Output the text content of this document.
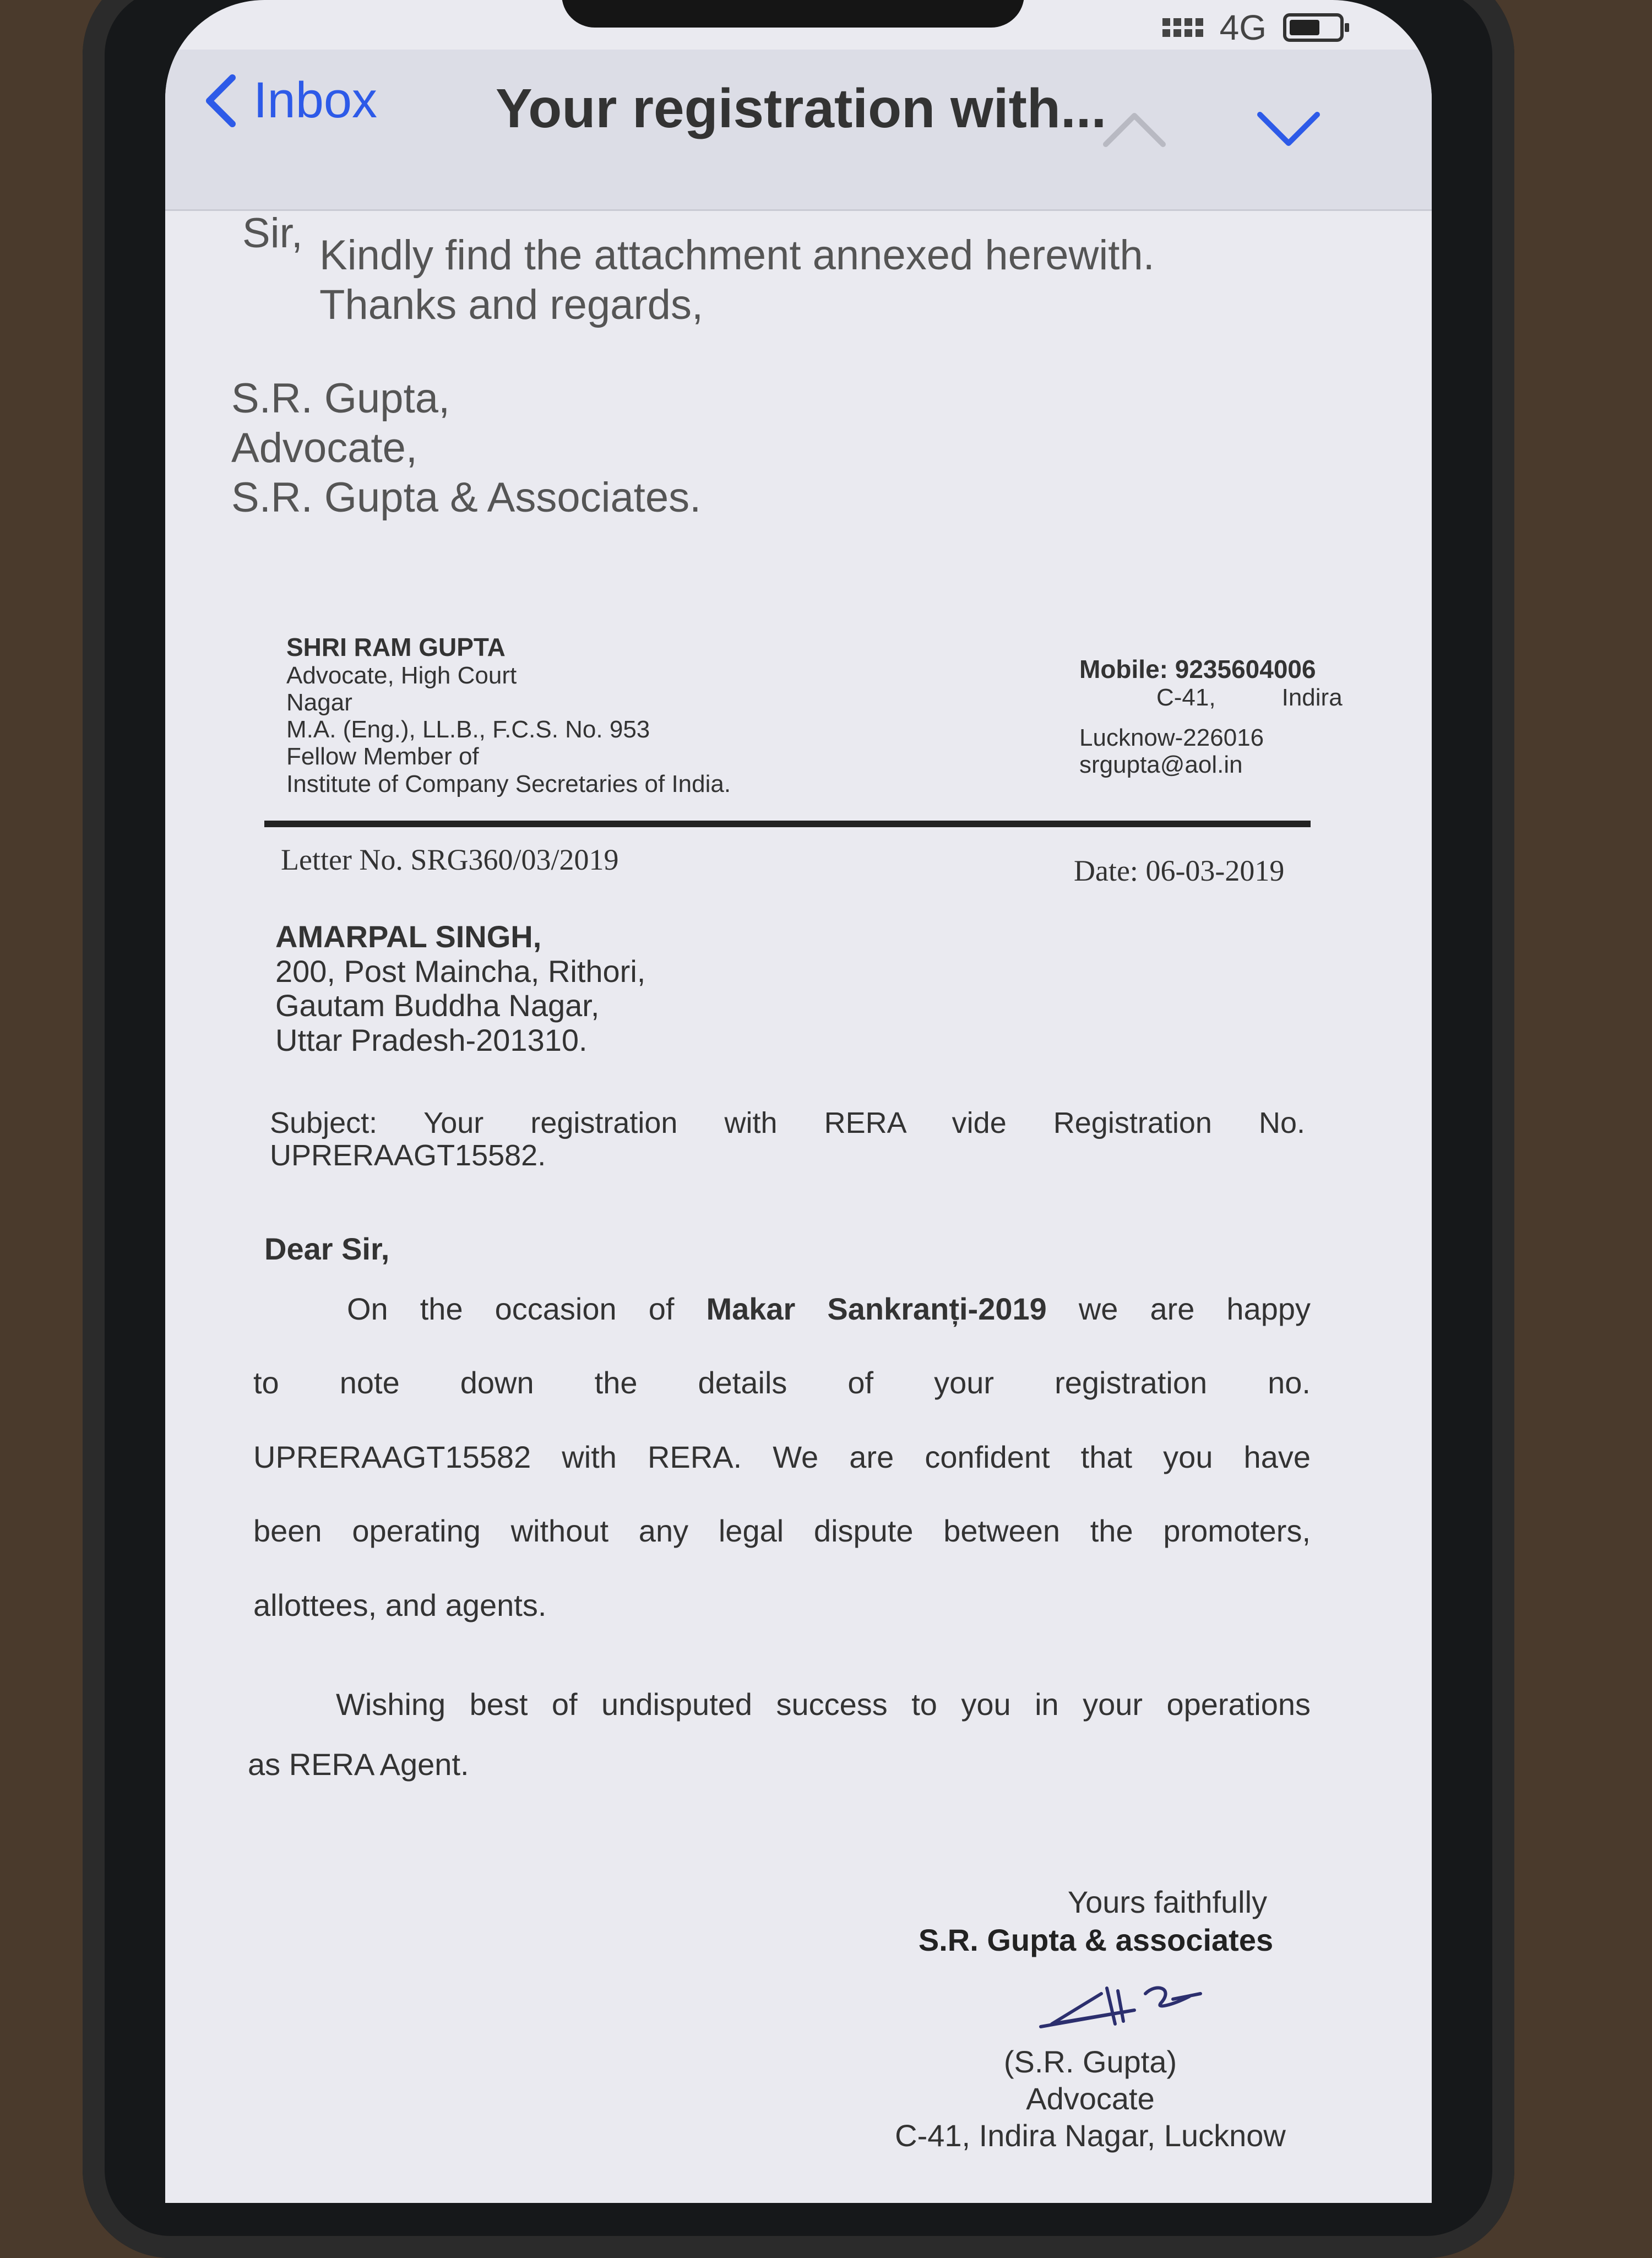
4G
Inbox Your registration with...

Sir, Kindly find the attachment annexed herewith.

Thanks and regards,

S.R. Gupta,

Advocate,

S.R. Gupta & Associates.

SHRI RAM GUPTA
Advocate, High Court
Nagar
M.A. (Eng.), LL.B., F.C.S. No. 953
Fellow Member of
Institute of Company Secretaries of India.
Mobile: 9235604006
C-41,	Indira
Lucknow-226016
srgupta@aol.in
Letter No. SRG360/03/2019	Date: 06-03-2019
AMARPAL SINGH,
200, Post Maincha, Rithori,
Gautam Buddha Nagar,
Uttar Pradesh-201310.
Subject: Your registration with RERA vide Registration No.
UPRERAAGT15582.
Dear Sir,
On the occasion of Makar Sankranți-2019 we are happy
to note down the details of your registration no.
UPRERAAGT15582 with RERA. We are confident that you have
been operating without any legal dispute between the promoters,
allottees, and agents.
Wishing best of undisputed success to you in your operations
as RERA Agent.
Yours faithfully
S.R. Gupta & associates
(S.R. Gupta)
Advocate
C-41, Indira Nagar, Lucknow
